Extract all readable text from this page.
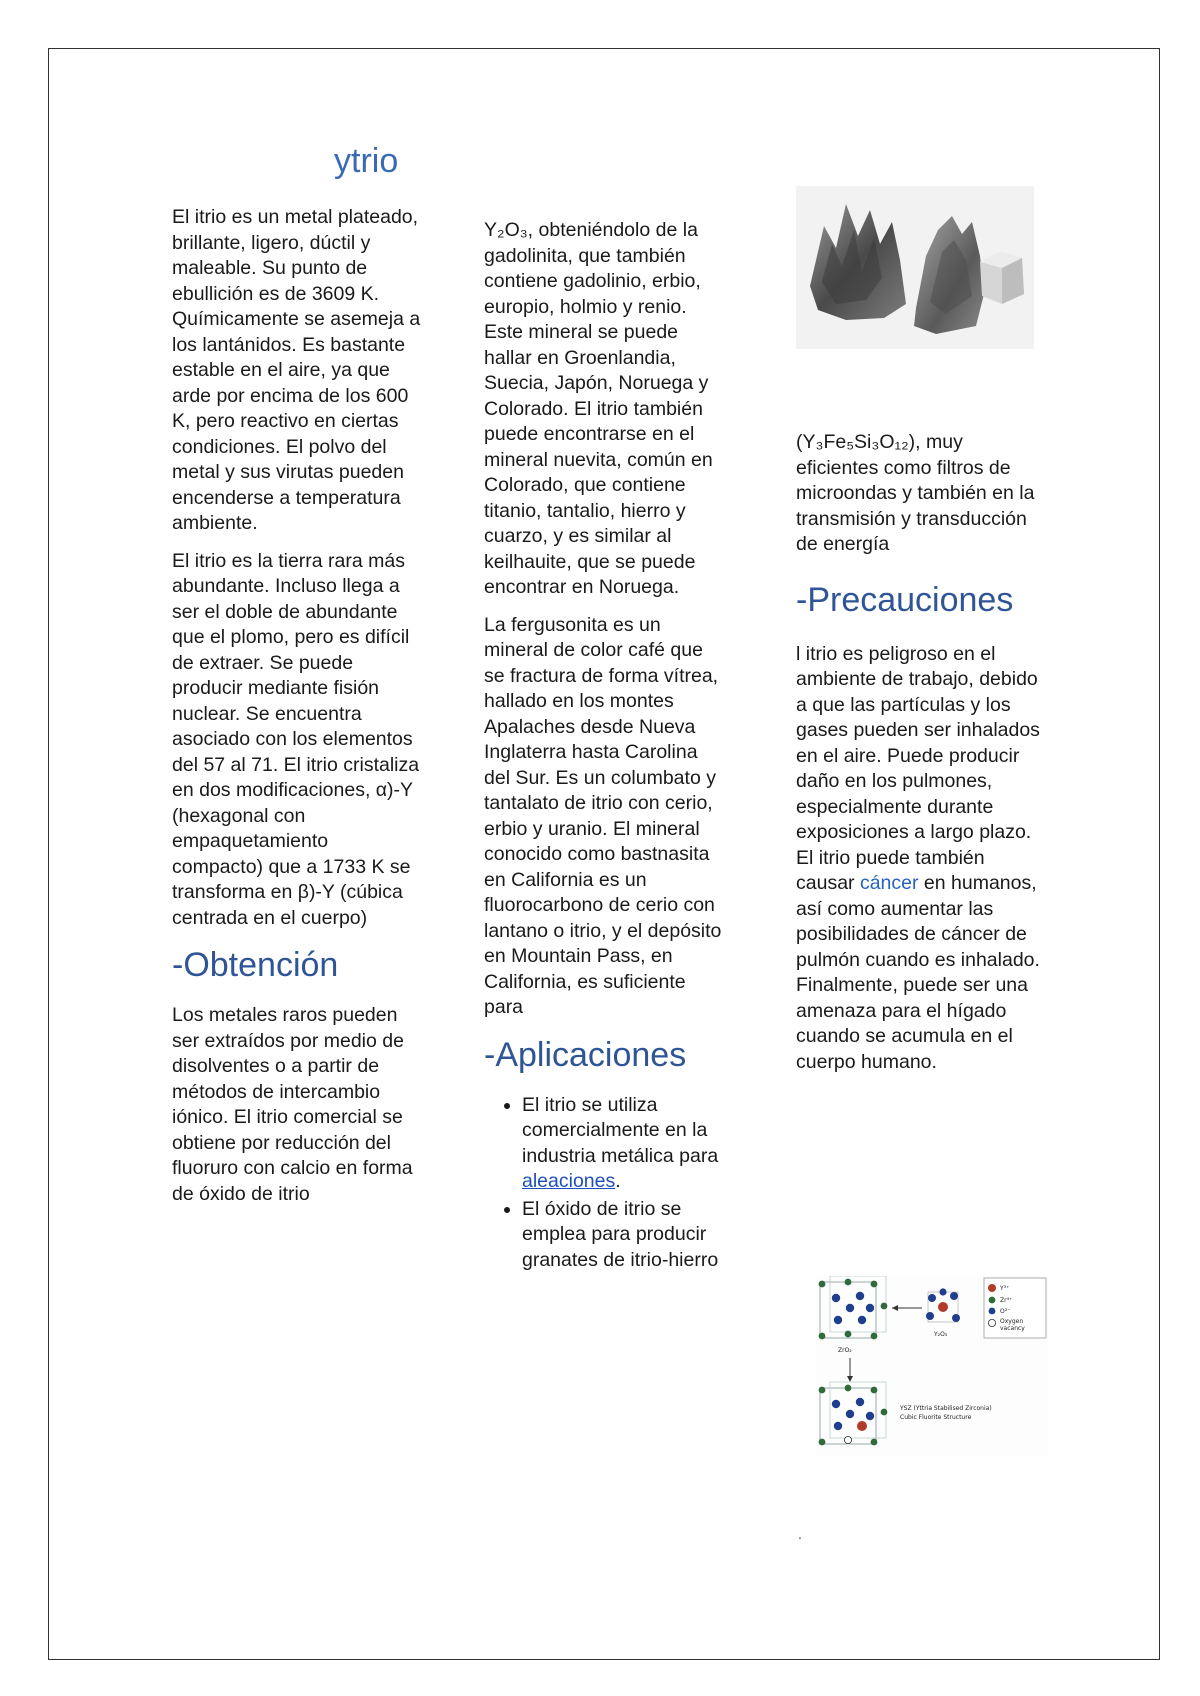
ytrio

El itrio es un metal plateado, brillante, ligero, dúctil y maleable. Su punto de ebullición es de 3609 K. Químicamente se asemeja a los lantánidos. Es bastante estable en el aire, ya que arde por encima de los 600 K, pero reactivo en ciertas condiciones. El polvo del metal y sus virutas pueden encenderse a temperatura ambiente.

El itrio es la tierra rara más abundante. Incluso llega a ser el doble de abundante que el plomo, pero es difícil de extraer. Se puede producir mediante fisión nuclear. Se encuentra asociado con los elementos del 57 al 71. El itrio cristaliza en dos modificaciones, α)-Y (hexagonal con empaquetamiento compacto) que a 1733 K se transforma en β)-Y (cúbica centrada en el cuerpo)

-Obtención

Los metales raros pueden ser extraídos por medio de disolventes o a partir de métodos de intercambio iónico. El itrio comercial se obtiene por reducción del fluoruro con calcio en forma de óxido de itrio

Y₂O₃, obteniéndolo de la gadolinita, que también contiene gadolinio, erbio, europio, holmio y renio. Este mineral se puede hallar en Groenlandia, Suecia, Japón, Noruega y Colorado. El itrio también puede encontrarse en el mineral nuevita, común en Colorado, que contiene titanio, tantalio, hierro y cuarzo, y es similar al keilhauite, que se puede encontrar en Noruega.

La fergusonita es un mineral de color café que se fractura de forma vítrea, hallado en los montes Apalaches desde Nueva Inglaterra hasta Carolina del Sur. Es un columbato y tantalato de itrio con cerio, erbio y uranio. El mineral conocido como bastnasita en California es un fluorocarbono de cerio con lantano o itrio, y el depósito en Mountain Pass, en California, es suficiente para

-Aplicaciones
• El itrio se utiliza comercialmente en la industria metálica para aleaciones.
• El óxido de itrio se emplea para producir granates de itrio-hierro

(Y₃Fe₅Si₃O₁₂), muy eficientes como filtros de microondas y también en la transmisión y transducción de energía

-Precauciones

l itrio es peligroso en el ambiente de trabajo, debido a que las partículas y los gases pueden ser inhalados en el aire. Puede producir daño en los pulmones, especialmente durante exposiciones a largo plazo. El itrio puede también causar cáncer en humanos, así como aumentar las posibilidades de cáncer de pulmón cuando es inhalado. Finalmente, puede ser una amenaza para el hígado cuando se acumula en el cuerpo humano.

ZrO₂
Y₂O₃
Y³⁺
Zr⁴⁺
O²⁻
Oxygen
vacancy
YSZ (Yttria Stabilised Zirconia)
Cubic Fluorite Structure
.
